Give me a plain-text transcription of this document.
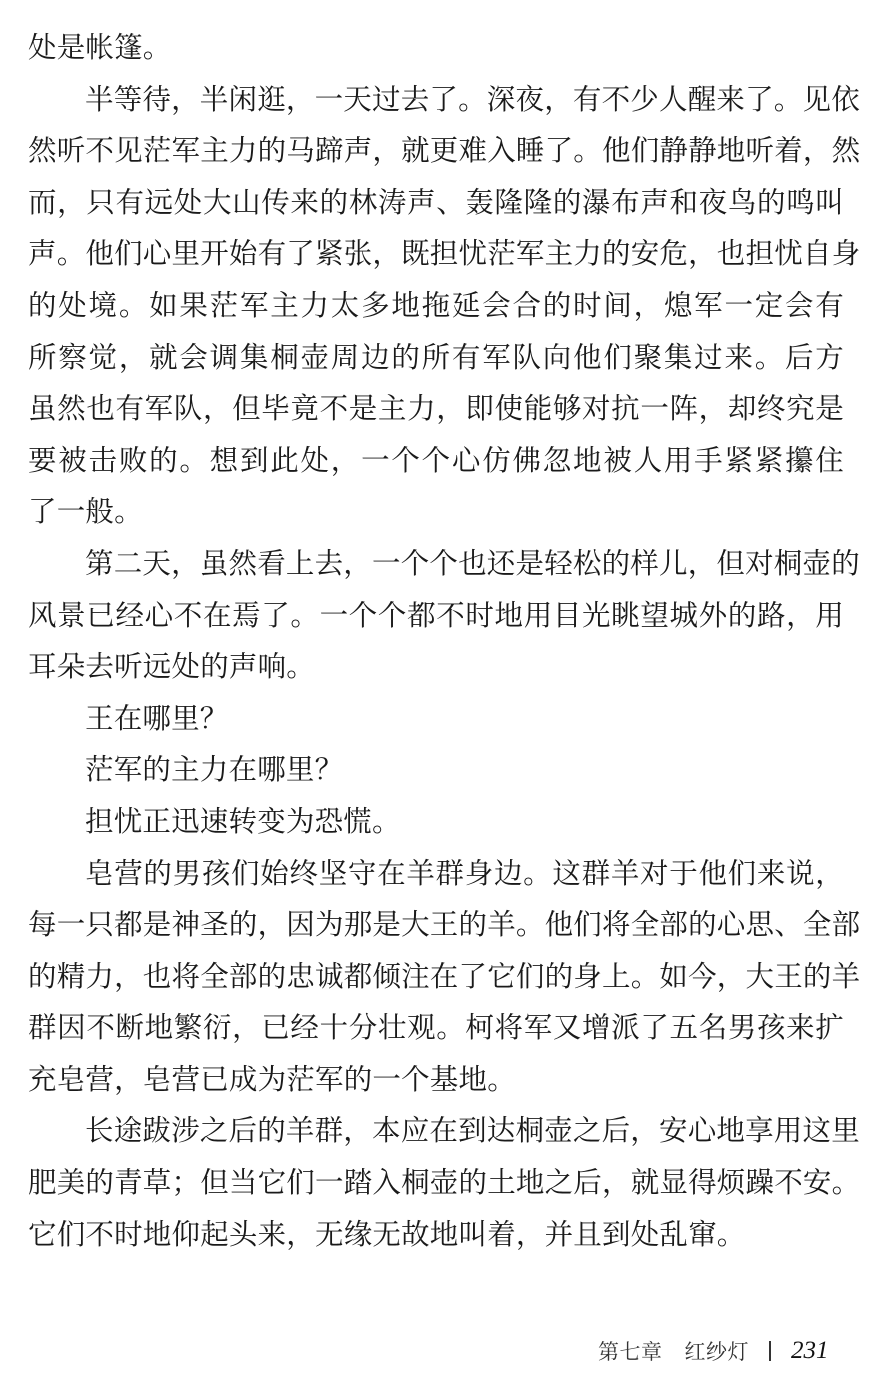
处是帐篷。
半等待，半闲逛，一天过去了。深夜，有不少人醒来了。见依
然听不见茫军主力的马蹄声，就更难入睡了。他们静静地听着，然
而，只有远处大山传来的林涛声、轰隆隆的瀑布声和夜鸟的鸣叫
声。他们心里开始有了紧张，既担忧茫军主力的安危，也担忧自身
的处境。如果茫军主力太多地拖延会合的时间，熄军一定会有
所察觉，就会调集桐壶周边的所有军队向他们聚集过来。后方
虽然也有军队，但毕竟不是主力，即使能够对抗一阵，却终究是
要被击败的。想到此处，一个个心仿佛忽地被人用手紧紧攥住
了一般。
第二天，虽然看上去，一个个也还是轻松的样儿，但对桐壶的
风景已经心不在焉了。一个个都不时地用目光眺望城外的路，用
耳朵去听远处的声响。
王在哪里？
茫军的主力在哪里？
担忧正迅速转变为恐慌。
皂营的男孩们始终坚守在羊群身边。这群羊对于他们来说，
每一只都是神圣的，因为那是大王的羊。他们将全部的心思、全部
的精力，也将全部的忠诚都倾注在了它们的身上。如今，大王的羊
群因不断地繁衍，已经十分壮观。柯将军又增派了五名男孩来扩
充皂营，皂营已成为茫军的一个基地。
长途跋涉之后的羊群，本应在到达桐壶之后，安心地享用这里
肥美的青草；但当它们一踏入桐壶的土地之后，就显得烦躁不安。
它们不时地仰起头来，无缘无故地叫着，并且到处乱窜。
第七章 红纱灯 231
